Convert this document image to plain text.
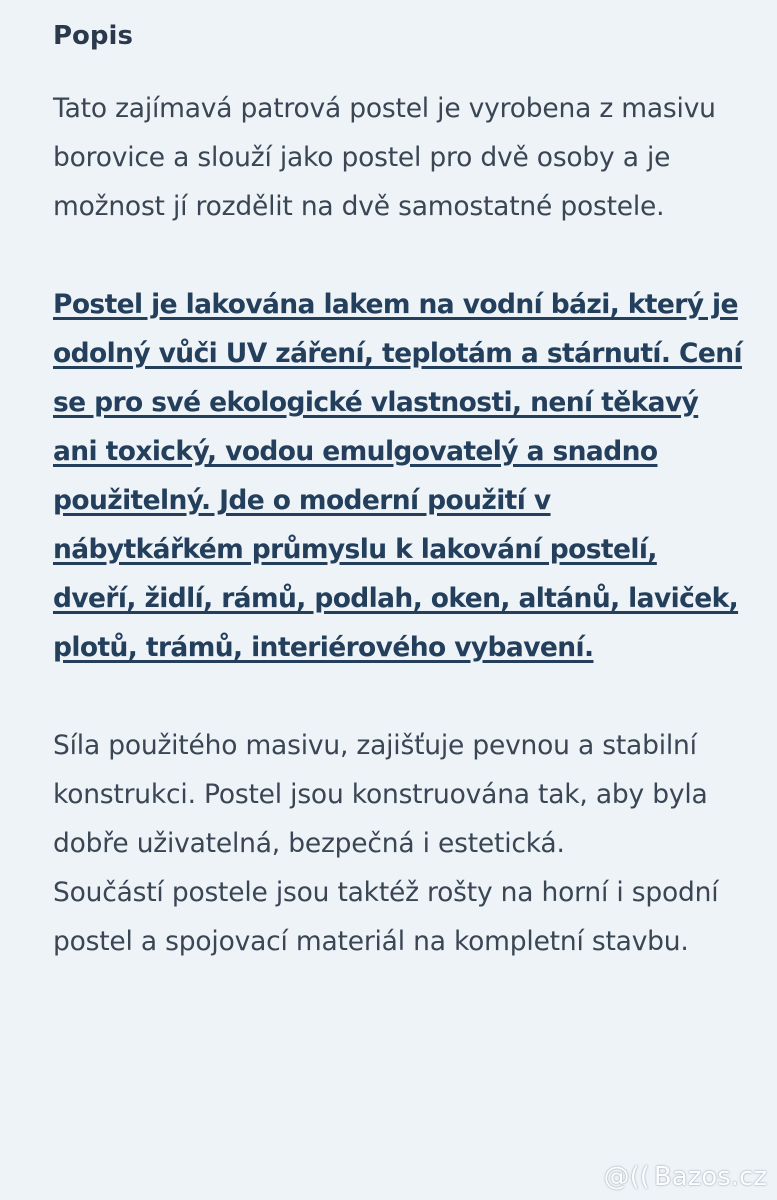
Popis

Tato zajímavá patrová postel je vyrobena z masivu borovice a slouží jako postel pro dvě osoby a je možnost jí rozdělit na dvě samostatné postele.

Postel je lakována lakem na vodní bázi, který je odolný vůči UV záření, teplotám a stárnutí. Cení se pro své ekologické vlastnosti, není těkavý ani toxický, vodou emulgovatelý a snadno použitelný. Jde o moderní použití v nábytkářkém průmyslu k lakování postelí, dveří, židlí, rámů, podlah, oken, altánů, laviček, plotů, trámů, interiérového vybavení.

Síla použitého masivu, zajišťuje pevnou a stabilní konstrukci. Postel jsou konstruována tak, aby byla dobře uživatelná, bezpečná i estetická.

Součástí postele jsou taktéž rošty na horní i spodní postel a spojovací materiál na kompletní stavbu.

@(( Bazos.cz
